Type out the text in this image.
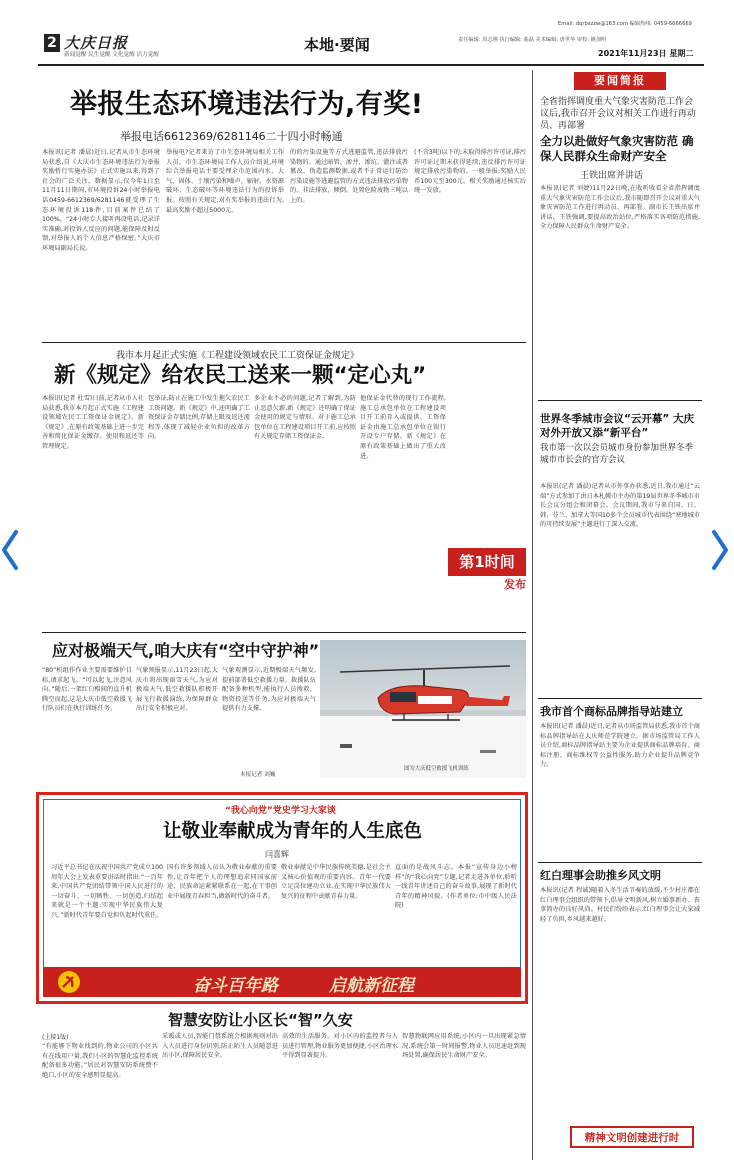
2 大庆日报
新闻觉醒 民生觉醒 文化觉醒 活力觉醒
本地·要闻
Email: dqrbszzw@163.com 编辑热线: 0459-6666669
责任编辑: 周志刚 执行编辑: 曲磊 美术编辑: 唐世华 审校: 姚加明
2021年11月23日 星期二
举报生态环境违法行为,有奖!
举报电话6612369/6281146二十四小时畅通
本报讯(记者 潘晨)近日,记者从市生态环境局获悉,自《大庆市生态环境违法行为举报奖励暂行实施办法》正式实施以来,得到了社会的广泛关注。数据显示,仅今年1日至11月11日期间,市环境投诉24小时举报电话0459-6612369/6281146就受理了生态环境投诉118件,目前案件已结了100%。“24小时专人接听再设电话,记录详实准确,对投诉人反应的问题,能保障及时反馈,对举报人的个人信息严格保密。”大庆市环境局副局长说。
举报电?记者来访了市生态环境局相关工作人员。市生态环境局工作人员介绍说,环境综合举报电话主要受理全市范围内水、大气、固体、土壤污染和噪声、辐射、水资源破坏、生态破坏等环境违法行为的投诉举报。按照有关规定,对有奖举报的违法行为,最高奖励不超过5000元。
的的污染设施等方式逃避监管,违法排放污染物的。通过暗管、渗井、渗坑、灌注或者篡改、伪造监测数据,或者不正常运行防治污染设施等逃避监管的方式违法排放污染物的。非法排放、倾倒、处置危险废物三吨以上的。
(不含3吨)以下的;未取得排污许可证,排污许可证过期未获得延续;违反排污许可证规定排放污染物的。一般举报:奖励人民币100元至300元。相关奖励通过核实后统一发放。
我市本月起正式实施《工程建设领域农民工工资保证金规定》
新《规定》给农民工送来一颗“定心丸”
本报讯(记者 杜雪)日前,记者从市人社局获悉,我市本月起正式实施《工程建设领域农民工工资保证金规定》。新《规定》,在原有政策基础上进一步完善和简化保证金缴存、使用和返还等管理规定。
包举证,防止在施工中发生拖欠农民工工资问题。新《规定》中,还明确了工资保证金存储比例,存储上限及返还流程等,体现了减轻企业负担的改革方向。
多企业不必的问题,记者了解到,为防止恶意欠薪,新《规定》还明确了保证金使用的规定与情形。对于施工总承包单位在工程建设项目开工前,应按照有关规定存储工资保证金。
他保证金代替的现行工作流程,施工总承包单位在工程建设项目开工前存入或提供。工资保证金由施工总承包单位在银行开设专户存储。新《规定》在原有政策基础上做出了重大改进。
第1时间
发布
应对极端天气,咱大庆有“空中守护神”
“80”机组作作业主要需要维护目标,请求起飞。“可以起飞,注意风向。”随后,一架红白相间的直升机腾空而起,这是大庆市低空救援飞行队员们在执行训练任务。
气象预报显示,11月23日起,大庆市将出现雨雪天气,为应对极端天气,低空救援队积极开展飞行救援演练,为保障群众出行安全积极应对。
气象观测显示,近期极端天气频发,提前部署低空救援力量。救援队伍配备多种机型,能执行人员搜救、物资投送等任务,为应对极端天气提供有力支撑。
图为大庆低空救援飞机训练
本报记者 刘巍
“我心向党”党史学习大家谈
让敬业奉献成为青年的人生底色
闫喜辉
习近平总书记在庆祝中国共产党成立100周年大会上发表重要讲话时指出:“一百年来,中国共产党团结带领中国人民进行的一切奋斗、一切牺牲、一切创造,归结起来就是一个主题:实现中华民族伟大复兴。”新时代青年要自觉担负起时代重任。
国有许多领域人员认为敬业奉献的重要性,让青年把个人的理想追求同国家前途、民族命运紧紧联系在一起,在干事创业中展现青春担当,做新时代的奋斗者。
敬业奉献是中华民族传统美德,是社会主义核心价值观的重要内容。青年一代要立足岗位建功立业,在实现中华民族伟大复兴的征程中贡献青春力量。
直面的是战风斗志。本报“宣传身边小榜样”的“我心向党”专题,记者走进各单位,聆听一线青年讲述自己的奋斗故事,展现了新时代青年的精神风貌。(作者单位:市中级人民法院)
奋斗百年路	启航新征程
智慧安防让小区长“智”久安
(上接1版)
“有能够下物业找到的,物业公司的小区共有在线用户量,我们小区的智慧化监控系统配备很多功能。”居民对智慧安防系统赞不绝口,小区的安全感明显提高。
采暖或人员,智能门禁系统会根据规则对出入人员进行身份识别,防止陌生人员随意进出小区,保障居民安全。
高效的生活服务。对小区内的监控者与人员进行管理,物业服务更加便捷,小区治理水平得到显著提升。
智慧物联网应用系统,小区内一旦出现紧急情况,系统会第一时间报警,物业人员迅速赶到现场处置,确保居民生命财产安全。
要闻简报
全省指挥调度重大气象灾害防范工作会议后,我市召开会议对相关工作进行再动员、再部署
全力以赴做好气象灾害防范 确保人民群众生命财产安全
王铁出席并讲话
本报讯(记者 刘婕)11月22日晚,在收听收看全省指挥调度重大气象灾害防范工作会议后,我市随即召开会议对重大气象灾害防范工作进行再动员、再部署。副市长王铁出席并讲话。王铁强调,要提高政治站位,严格落实各项防范措施,全力保障人民群众生命财产安全。
世界冬季城市会议“云开幕” 大庆对外开放又添“新平台”
我市第一次以会员城市身份参加世界冬季城市市长会的官方会议
本报讯(记者 潘晨)记者从市外事办获悉,近日,我市通过“云端”方式参加了由日本札幌市主办的第19届世界冬季城市市长会议分组会和闭幕会。会议期间,我市与来自国、日、韩、芬兰、加拿大等国10多个会员城市代表围绕“寒地城市的可持续发展”主题进行了深入交流。
我市首个商标品牌指导站建立
本报讯(记者 潘晨)近日,记者从市场监管局获悉,我市首个商标品牌指导站在大庆师范学院建立。据市场监管局工作人员介绍,商标品牌指导站主要为企业提供商标品牌培育、商标注册、商标维权等公益性服务,助力企业提升品牌竞争力。
红白理事会助推乡风文明
本报讯(记者 程诚)随着入冬生活节奏的放缓,不少村庄都在红白理事会组织的带领下,倡导文明新风,树立婚事新办、丧事简办的良好风尚。村民们纷纷表示,红白理事会让大家减轻了负担,乡风越来越好。
精神文明创建进行时
